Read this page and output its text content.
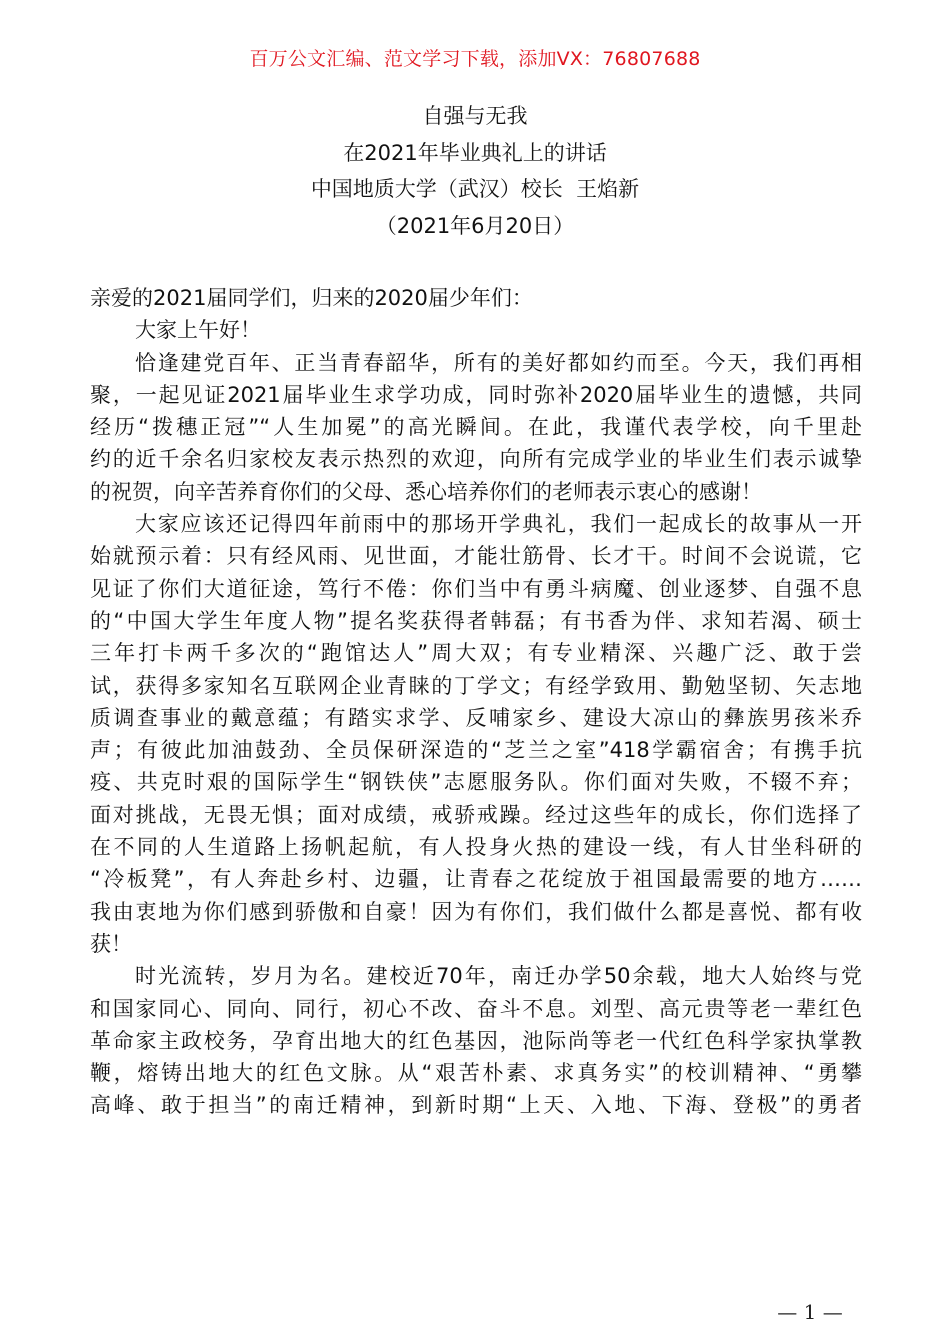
百万公文汇编、范文学习下载，添加VX：76807688
自强与无我
在2021年毕业典礼上的讲话
中国地质大学（武汉）校长  王焰新
（2021年6月20日）
亲爱的2021届同学们，归来的2020届少年们：
大家上午好！
恰逢建党百年、正当青春韶华，所有的美好都如约而至。今天，我们再相
聚，一起见证2021届毕业生求学功成，同时弥补2020届毕业生的遗憾，共同
经历“拨穗正冠”“人生加冕”的高光瞬间。在此，我谨代表学校，向千里赴
约的近千余名归家校友表示热烈的欢迎，向所有完成学业的毕业生们表示诚挚
的祝贺，向辛苦养育你们的父母、悉心培养你们的老师表示衷心的感谢！
大家应该还记得四年前雨中的那场开学典礼，我们一起成长的故事从一开
始就预示着：只有经风雨、见世面，才能壮筋骨、长才干。时间不会说谎，它
见证了你们大道征途，笃行不倦：你们当中有勇斗病魔、创业逐梦、自强不息
的“中国大学生年度人物”提名奖获得者韩磊；有书香为伴、求知若渴、硕士
三年打卡两千多次的“跑馆达人”周大双；有专业精深、兴趣广泛、敢于尝
试，获得多家知名互联网企业青睐的丁学文；有经学致用、勤勉坚韧、矢志地
质调查事业的戴意蕴；有踏实求学、反哺家乡、建设大凉山的彝族男孩米乔
声；有彼此加油鼓劲、全员保研深造的“芝兰之室”418学霸宿舍；有携手抗
疫、共克时艰的国际学生“钢铁侠”志愿服务队。你们面对失败，不辍不弃；
面对挑战，无畏无惧；面对成绩，戒骄戒躁。经过这些年的成长，你们选择了
在不同的人生道路上扬帆起航，有人投身火热的建设一线，有人甘坐科研的
“冷板凳”，有人奔赴乡村、边疆，让青春之花绽放于祖国最需要的地方……
我由衷地为你们感到骄傲和自豪！因为有你们，我们做什么都是喜悦、都有收
获！
时光流转，岁月为名。建校近70年，南迁办学50余载，地大人始终与党
和国家同心、同向、同行，初心不改、奋斗不息。刘型、高元贵等老一辈红色
革命家主政校务，孕育出地大的红色基因，池际尚等老一代红色科学家执掌教
鞭，熔铸出地大的红色文脉。从“艰苦朴素、求真务实”的校训精神、“勇攀
高峰、敢于担当”的南迁精神，到新时期“上天、入地、下海、登极”的勇者
— 1 —
